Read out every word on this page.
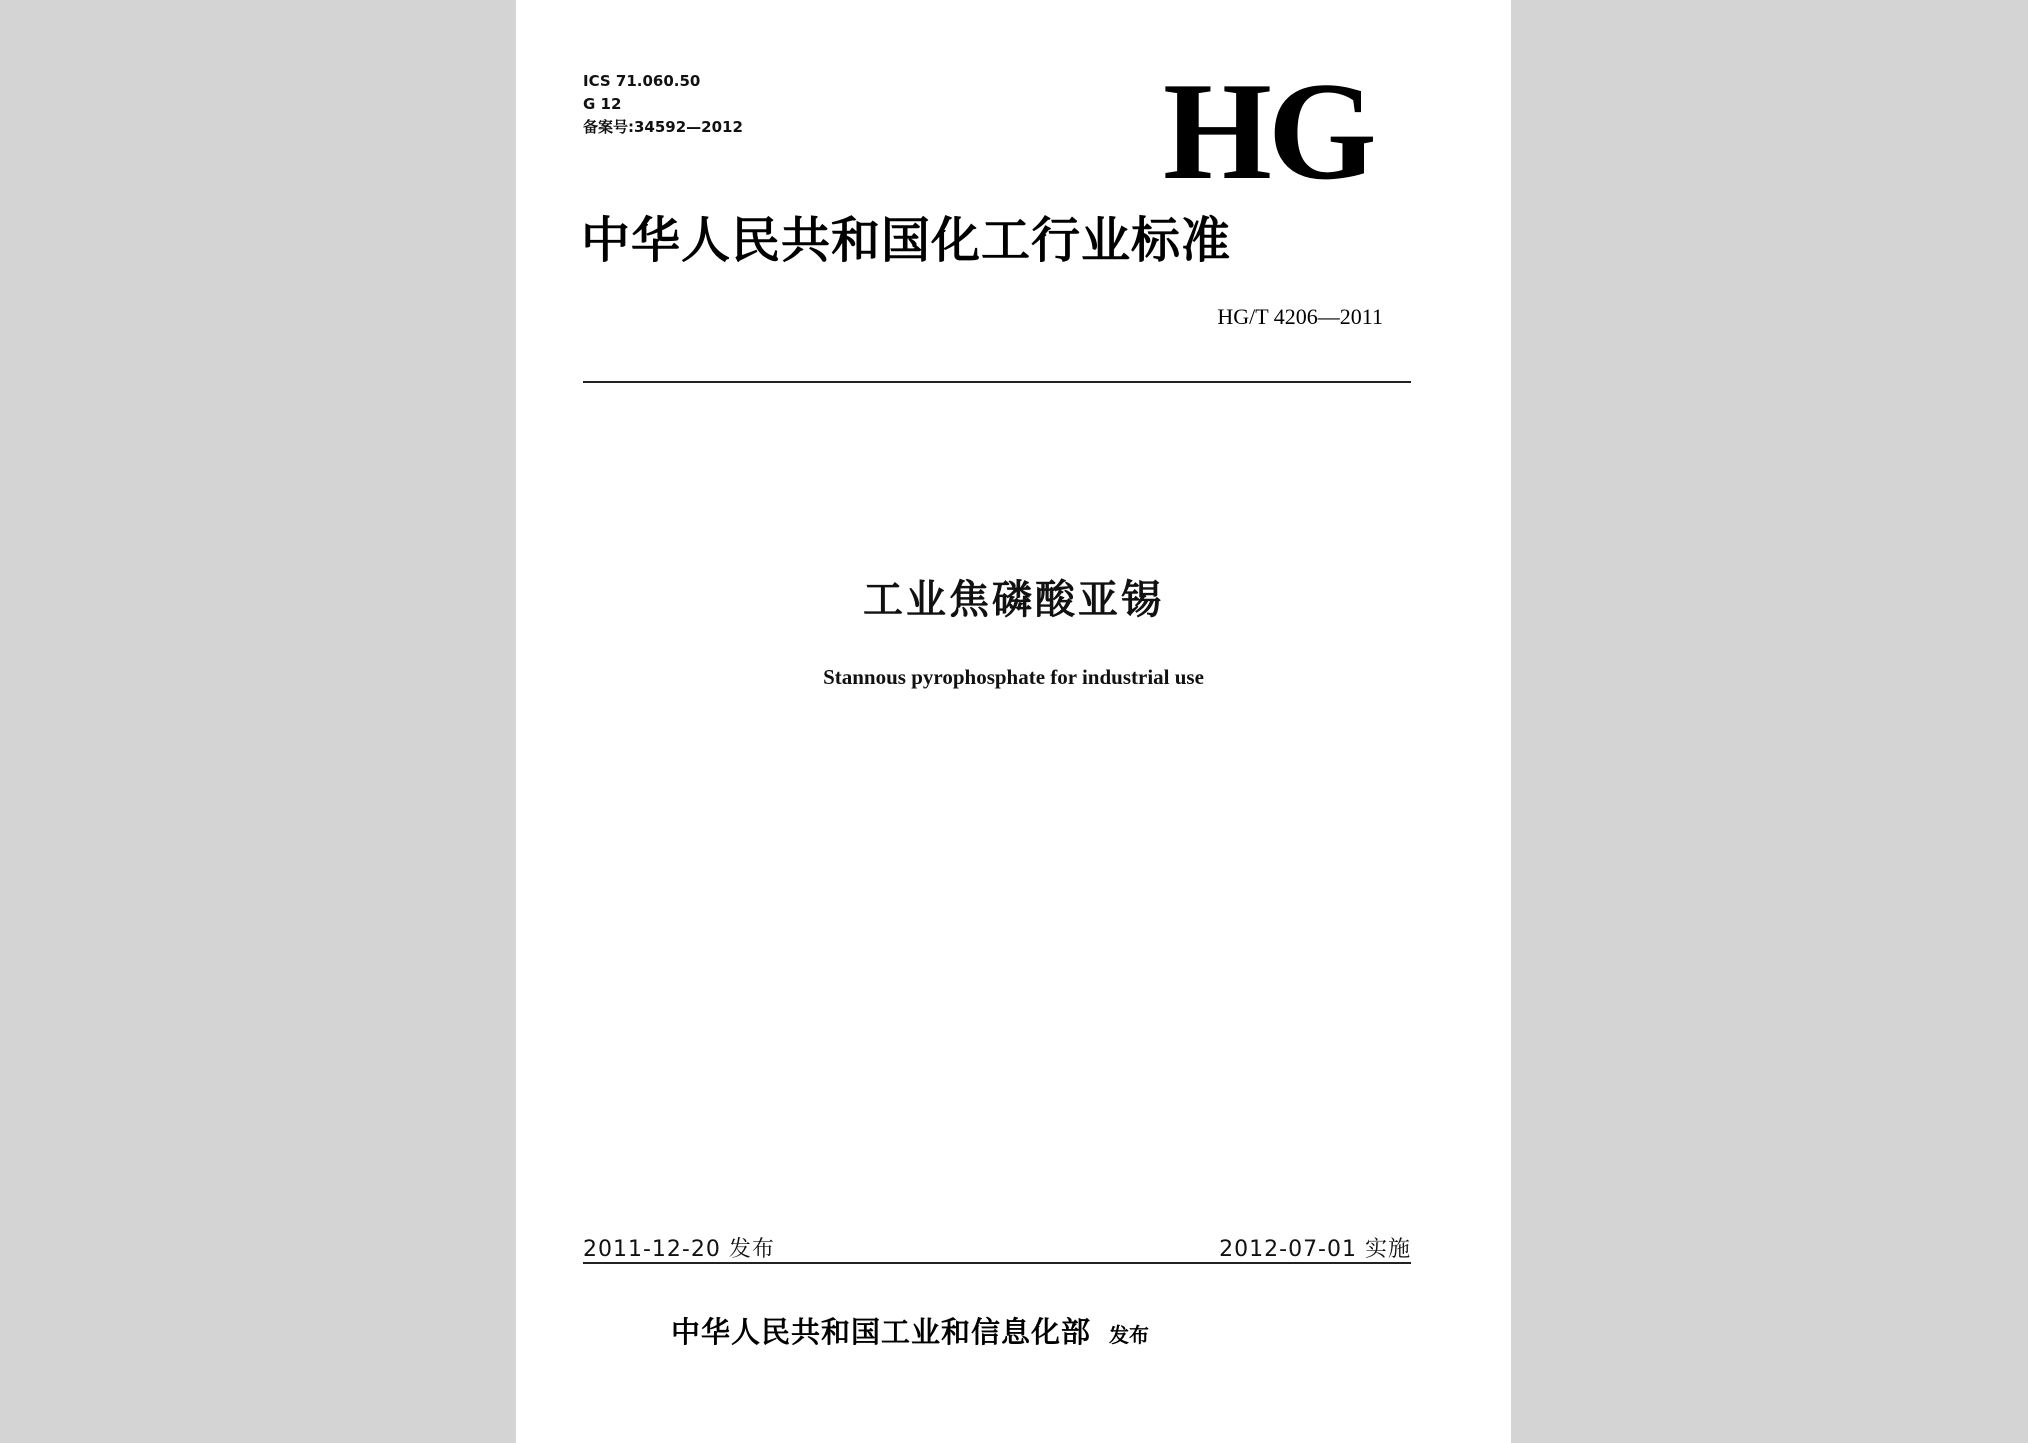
ICS 71.060.50
G 12
备案号:34592—2012	HG
中华人民共和国化工行业标准
HG/T 4206—2011
工业焦磷酸亚锡
Stannous pyrophosphate for industrial use
2011-12-20 发布	2012-07-01 实施
中华人民共和国工业和信息化部 发布
